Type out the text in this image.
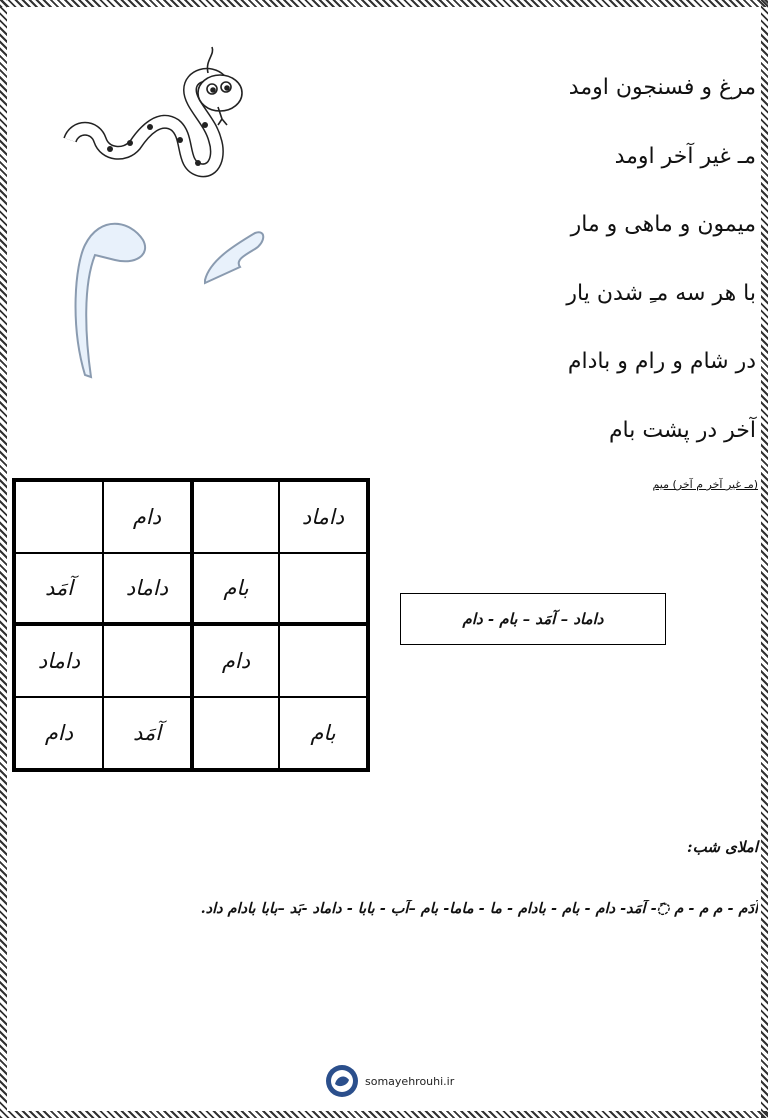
مرغ و فسنجون اومد
مـ غیر آخر اومد
میمون و ماهی و مار
با هر سه مـِ شدن یار
در شام و رام و بادام
آخر در پشت بام
(مـ غیر آخر م آخر) میم
داماد
دام
بام
داماد
آمَد
دام
داماد
بام
آمَد
دام
داماد – آمَد – بام - دام
املای شب:
آدَم - م م - م ◌َ- آمَد- دام - بام - بادام - ما - ماما- بام –آب - بابا - داماد -بَد –بابا بادام داد.
somayehrouhi.ir
